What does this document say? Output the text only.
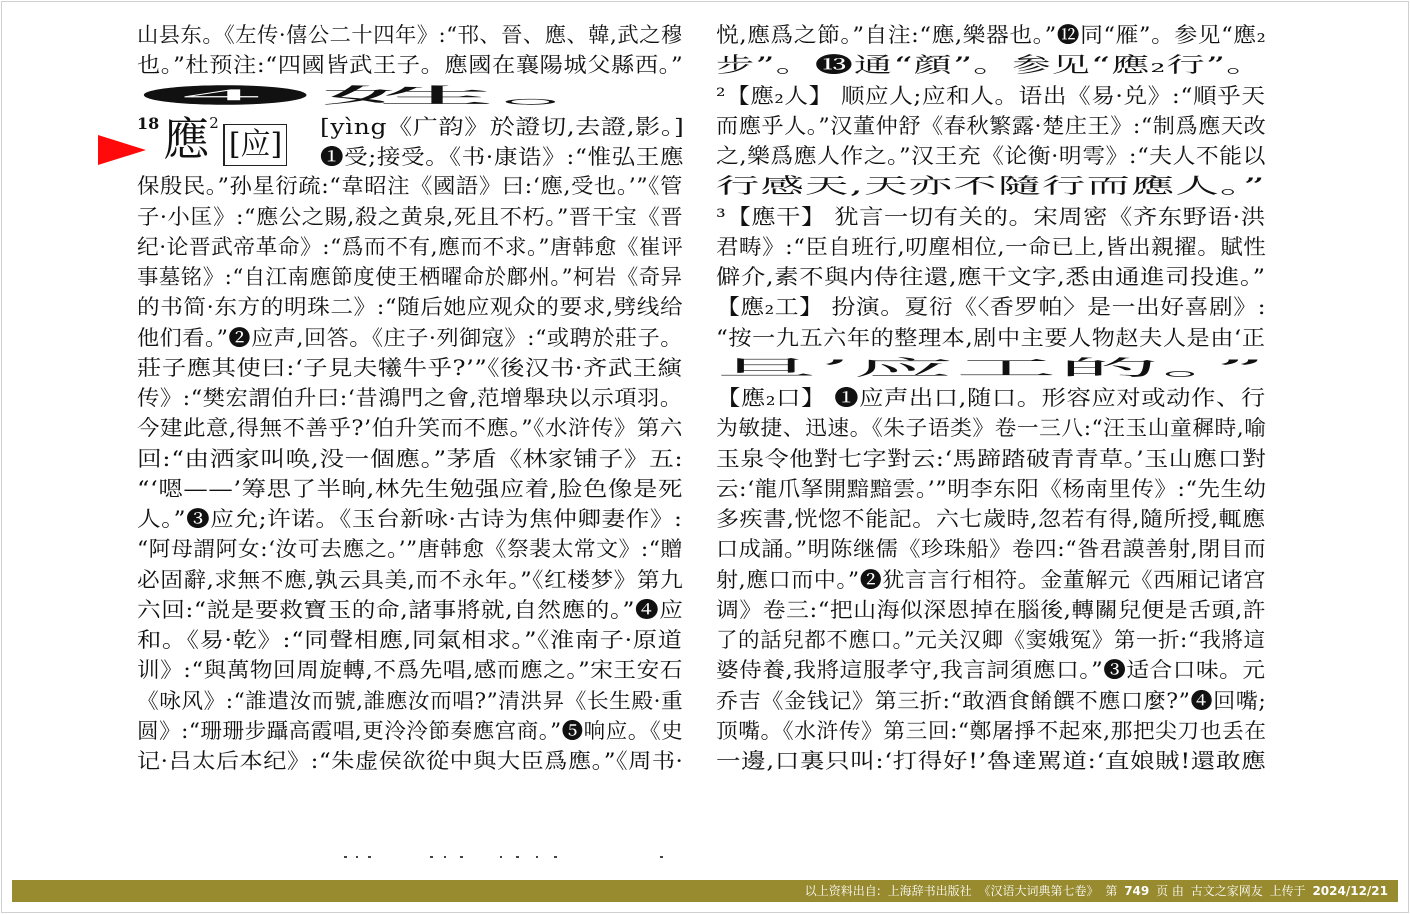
山县东。《左传·僖公二十四年》:“邗、晉、應、韓,武之穆
也。”杜预注:“四國皆武王子。應國在襄陽城父縣西。”
❹姓。
保殷民。”孙星衍疏:“韋昭注《國語》曰:‘應,受也。’”《管
子·小匡》:“應公之賜,殺之黄泉,死且不朽。”晋干宝《晋
纪·论晋武帝革命》:“爲而不有,應而不求。”唐韩愈《崔评
事墓铭》:“自江南應節度使王栖曜命於鄜州。”柯岩《奇异
的书简·东方的明珠二》:“随后她应观众的要求,劈线给
他们看。”❷应声,回答。《庄子·列御寇》:“或聘於莊子。
莊子應其使曰:‘子見夫犧牛乎?’”《後汉书·齐武王縯
传》:“樊宏謂伯升曰:‘昔鴻門之會,范增舉玦以示項羽。
今建此意,得無不善乎?’伯升笑而不應。”《水浒传》第六
回:“由洒家叫唤,没一個應。”茅盾《林家铺子》五:
“‘嗯——’筹思了半晌,林先生勉强应着,脸色像是死
人。”❸应允;许诺。《玉台新咏·古诗为焦仲卿妻作》:
“阿母謂阿女:‘汝可去應之。’”唐韩愈《祭裴太常文》:“贈
必固辭,求無不應,孰云具美,而不永年。”《红楼梦》第九
六回:“説是要救寶玉的命,諸事將就,自然應的。”❹应
和。《易·乾》:“同聲相應,同氣相求。”《淮南子·原道
训》:“與萬物回周旋轉,不爲先唱,感而應之。”宋王安石
《咏风》:“誰遣汝而號,誰應汝而唱?”清洪昇《长生殿·重
圆》:“珊珊步躡高霞唱,更泠泠節奏應宫商。”❺响应。《史
记·吕太后本纪》:“朱虚侯欲從中與大臣爲應。”《周书·
悦,應爲之節。”自注:“應,樂器也。”⓬同“雁”。参见“應₂
步”。⓭通“顔”。参见“應₂行”。
²【應₂人】 顺应人;应和人。语出《易·兑》:“順乎天
而應乎人。”汉董仲舒《春秋繁露·楚庄王》:“制爲應天改
之,樂爲應人作之。”汉王充《论衡·明雩》:“夫人不能以
行感天,天亦不隨行而應人。”
³【應干】 犹言一切有关的。宋周密《齐东野语·洪
君畴》:“臣自班行,叨塵相位,一命已上,皆出親擢。賦性
僻介,素不與内侍往還,應干文字,悉由通進司投進。”
【應₂工】 扮演。夏衍《〈香罗帕〉是一出好喜剧》:
“按一九五六年的整理本,剧中主要人物赵夫人是由‘正
旦’应工的。”
【應₂口】 ❶应声出口,随口。形容应对或动作、行
为敏捷、迅速。《朱子语类》卷一三八:“汪玉山童穉時,喻
玉泉令他對七字對云:‘馬蹄踏破青青草。’玉山應口對
云:‘龍爪拏開黯黯雲。’”明李东阳《杨南里传》:“先生幼
多疾書,恍惚不能記。六七歲時,忽若有得,隨所授,輒應
口成誦。”明陈继儒《珍珠船》卷四:“昝君謨善射,閉目而
射,應口而中。”❷犹言言行相符。金董解元《西厢记诸宫
调》卷三:“把山海似深恩掉在腦後,轉關兒便是舌頭,許
了的話兒都不應口。”元关汉卿《窦娥冤》第一折:“我將這
婆侍養,我將這服孝守,我言詞須應口。”❸适合口味。元
乔吉《金钱记》第三折:“敢酒食餚饌不應口麼?”❹回嘴;
顶嘴。《水浒传》第三回:“鄭屠掙不起來,那把尖刀也丢在
一邊,口裏只叫:‘打得好!’魯達駡道:‘直娘賊!還敢應
18 應 2
[应] [yìng《广韵》於證切,去證,影。]
❶受;接受。《书·康诰》:“惟弘王應
以上资料出自: 上海辞书出版社 《汉语大词典第七卷》 第 749 页 由 古文之家网友 上传于 2024/12/21
